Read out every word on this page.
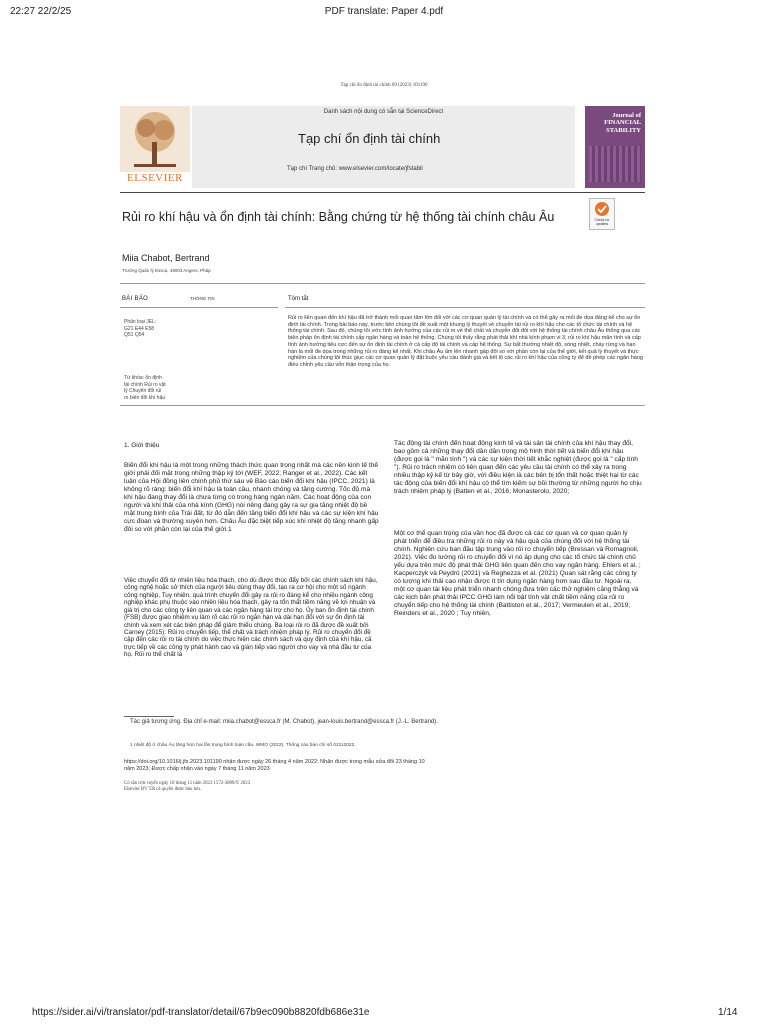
22:27 22/2/25	PDF translate: Paper 4.pdf
Tạp chí ổn định tài chính 69 (2023) 101190
ELSEVIER
Danh sách nội dung có sẵn tại ScienceDirect
Tạp chí ổn định tài chính
Tạp chí Trang chủ: www.elsevier.com/locate/jfstabil
Journal of FINANCIAL STABILITY
Check for updates
Rủi ro khí hậu và ổn định tài chính: Bằng chứng từ hệ thống tài chính châu Âu
Miia Chabot, Bertrand
Trường Quản lý Essca, 49003 Angers, Pháp
BÀI BÁO	THÔNG TIN	Tóm tắt
Phân loại JEL:
G21 E44 E58
Q51 Q54
Từ khóa: ổn định
tài chính Rủi ro vật
lý Chuyển đổi rủi
ro biến đổi khí hậu
Rủi ro liên quan đến khí hậu đã trở thành mối quan tâm lớn đối với các cơ quan quản lý tài chính và có thể gây ra mối đe dọa đáng kể cho sự ổn định tài chính. Trong bài báo này, trước tiên chúng tôi đề xuất một khung lý thuyết về chuyển tải rủi ro khí hậu cho các tổ chức tài chính và hệ thống tài chính. Sau đó, chúng tôi ước tính ảnh hưởng của các rủi ro về thể chất và chuyển đổi đối với hệ thống tài chính châu Âu thông qua các biện pháp ổn định tài chính cấp ngân hàng và toàn hệ thống. Chúng tôi thấy rằng phát thải khí nhà kính phạm vi 3, rủi ro khí hậu mãn tính và cấp tính ảnh hưởng tiêu cực đến sự ổn định tài chính ở cả cấp độ tài chính và cấp hệ thống. Sự bất thường nhiệt độ, sóng nhiệt, cháy rừng và hạn hán là mối đe dọa trong những rủi ro đáng kể nhất. Khi châu Âu ấm lên nhanh gấp đôi so với phần còn lại của thế giới, kết quả lý thuyết và thực nghiệm của chúng tôi thúc giục các cơ quan quản lý đặt buộc yêu cầu đánh giá và tiết lộ các rủi ro khí hậu của công ty để đề phép các ngân hàng điều chỉnh yêu cầu vốn thận trọng của họ.
1. Giới thiệu
Biến đổi khí hậu là một trong những thách thức quan trọng nhất mà các nền kinh tế thế giới phải đối mặt trong những thập kỷ tới (WEF, 2022; Ranger et al., 2022). Các kết luận của Hội đồng liên chính phủ thứ sáu về Báo cáo biến đổi khí hậu (IPCC, 2021) là không rõ ràng: biến đổi khí hậu là toàn cầu, nhanh chóng và tăng cường. Tốc độ mà khí hậu đang thay đổi là chưa từng có trong hàng ngàn năm. Các hoạt động của con người và khí thải của nhà kính (GHG) nói riêng đang gây ra sự gia tăng nhiệt độ bề mặt trung bình của Trái đất, từ đó dẫn đến tăng biến đổi khí hậu và các sự kiện khí hậu cực đoan và thường xuyên hơn. Châu Âu đặc biệt tiếp xúc khi nhiệt độ tăng nhanh gấp đôi so với phần còn lại của thế giới.1
Việc chuyển đổi từ nhiên liệu hóa thạch, cho dù được thúc đẩy bởi các chính sách khí hậu, công nghệ hoặc sở thích của người tiêu dùng thay đổi, tạo ra cơ hội cho một số ngành công nghiệp. Tuy nhiên, quá trình chuyển đổi gây ra rủi ro đáng kể cho nhiều ngành công nghiệp khác phụ thuộc vào nhiên liệu hóa thạch, gây ra tổn thất tiềm năng về lợi nhuận và giá trị cho các công ty liên quan và các ngân hàng tài trợ cho họ. Ủy ban ổn định tài chính (FSB) được giao nhiệm vụ làm rõ các rủi ro ngắn hạn và dài hạn đối với sự ổn định tài chính và xem xét các biện pháp để giảm thiểu chúng. Ba loại rủi ro đã được đề xuất bởi Carney (2015): Rủi ro chuyển tiếp, thể chất và trách nhiệm pháp lý. Rủi ro chuyển đổi đề cập đến các rủi ro tài chính do việc thực hiện các chính sách và quy định của khí hậu, cả trực tiếp về các công ty phát hành cao và gián tiếp vào người cho vay và nhà đầu tư của họ. Rủi ro thể chất là
Tác động tài chính đến hoạt động kinh tế và tài sản tài chính của khí hậu thay đổi, bao gồm cả những thay đổi dần dần trong mô hình thời tiết và biến đổi khí hậu (được gọi là " mãn tính ") và các sự kiện thời tiết khắc nghiệt (được gọi là " cấp tính "). Rủi ro trách nhiệm có liên quan đến các yêu cầu tài chính có thể xảy ra trong nhiều thập kỷ kế từ bây giờ, với điều kiện là các bên bị tổn thất hoặc thiệt hại từ các tác động của biến đổi khí hậu có thể tìm kiếm sự bồi thường từ những người họ chịu trách nhiệm pháp lý (Batten et al., 2016; Monasterolo, 2020;
Một cơ thể quan trọng của văn học đã được cả các cơ quan và cơ quan quản lý phát triển để điều tra những rủi ro này và hậu quả của chúng đối với hệ thống tài chính. Nghiên cứu ban đầu tập trung vào rủi ro chuyển tiếp (Bressan và Romagnoli, 2021). Việc đo lường rủi ro chuyển đổi vì nó áp dụng cho các tổ chức tài chính chủ yếu dựa trên mức độ phát thải GHG liên quan đến cho vay ngân hàng. Ehlers et al. ; Kacperczyk và Peydró (2021) và Reghezza et al. (2021) Quan sát rằng các công ty có lượng khí thải cao nhận được ít tín dụng ngân hàng hơn sau đầu tư. Ngoài ra, một cơ quan tài liệu phát triển nhanh chóng đưa trên các thử nghiệm căng thẳng và các kịch bản phát thải IPCC GHG làm nổi bật tính vật chất tiềm năng của rủi ro chuyển tiếp cho hệ thống tài chính (Battiston et al., 2017; Vermeulen et al., 2019; Reinders et al., 2020 ; Tuy nhiên,
Tác giả tương ứng. Địa chỉ e-mail: miia.chabot@essca.fr (M. Chabot), jean-louis.bertrand@essca.fr (J.-L. Bertrand).
1 nhiệt độ ở châu Âu tăng hơn hai lần trung bình toàn cầu. WMO (2022). Thông cáo báo chí số 02112022.
https://doi.org/10.1016/j.jfs.2023.101190 nhận được ngày 26 tháng 4 năm 2022; Nhận được trong mẫu sửa đổi 23 tháng 10 năm 2023; Được chấp nhận vào ngày 7 tháng 11 năm 2023
Có sẵn trực tuyến ngày 10 tháng 11 năm 2023 1572-3089/© 2023
Elsevier BV Tất cả quyền được bảo lưu.
https://sider.ai/vi/translator/pdf-translator/detail/67b9ec090b8820fdb686e31e	1/14
